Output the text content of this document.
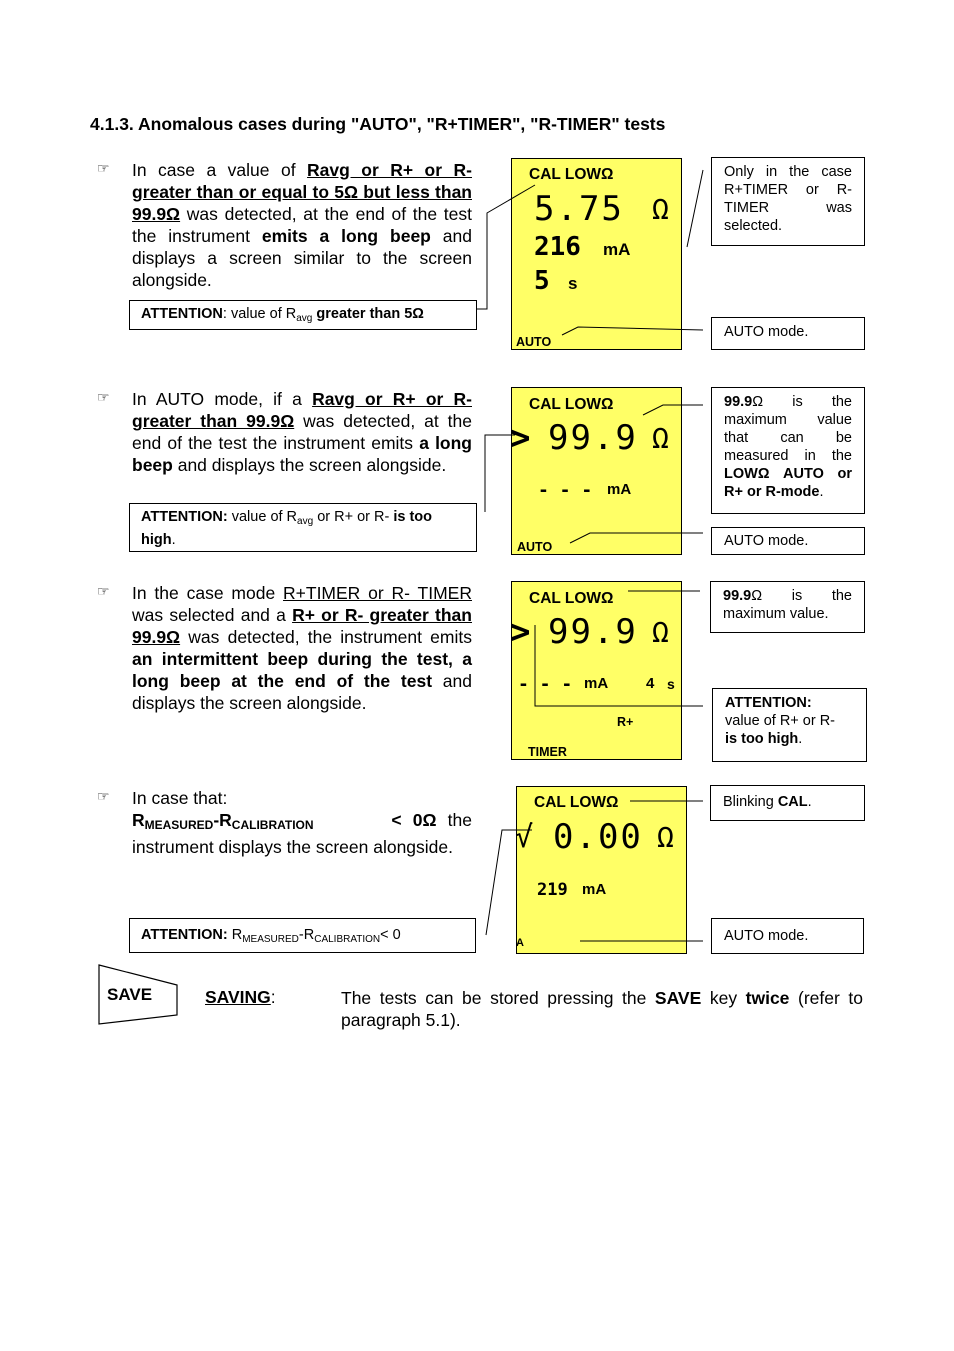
4.1.3. Anomalous cases during "AUTO", "R+TIMER", "R-TIMER" tests
☞ In case a value of Ravg or R+ or R- greater than or equal to 5Ω but less than 99.9Ω was detected, at the end of the test the instrument emits a long beep and displays a screen similar to the screen alongside.
ATTENTION: value of $R_{avg}$ greater than 5Ω
CAL LOWΩ
5.75 Ω
216 mA
5 s
AUTO
Only in the case R+TIMER or R- TIMER was selected.
AUTO mode.
☞ In AUTO mode, if a Ravg or R+ or R- greater than 99.9Ω was detected, at the end of the test the instrument emits a long beep and displays the screen alongside.
ATTENTION: value of $R_{avg}$ or R+ or R- is too high.
CAL LOWΩ
> 99.9 Ω
- - - mA
AUTO
99.9Ω is the maximum value that can be measured in the LOWΩ AUTO or R+ or R-mode.
AUTO mode.
☞ In the case mode R+TIMER or R- TIMER was selected and a R+ or R- greater than 99.9Ω was detected, the instrument emits an intermittent beep during the test, a long beep at the end of the test and displays the screen alongside.
CAL LOWΩ
> 99.9 Ω
- - - mA	4 s
R+
TIMER
99.9Ω is the maximum value.
ATTENTION:
value of R+ or R-
is too high.
☞ In case that:
$R_{MEASURED}-R_{CALIBRATION}$	< 0Ω the instrument displays the screen alongside.
ATTENTION: $R_{MEASURED}-R_{CALIBRATION}< 0$
CAL LOWΩ
√ 0.00 Ω
219 mA
A
Blinking CAL.
AUTO mode.
SAVE	SAVING:	The tests can be stored pressing the SAVE key twice (refer to paragraph 5.1).
